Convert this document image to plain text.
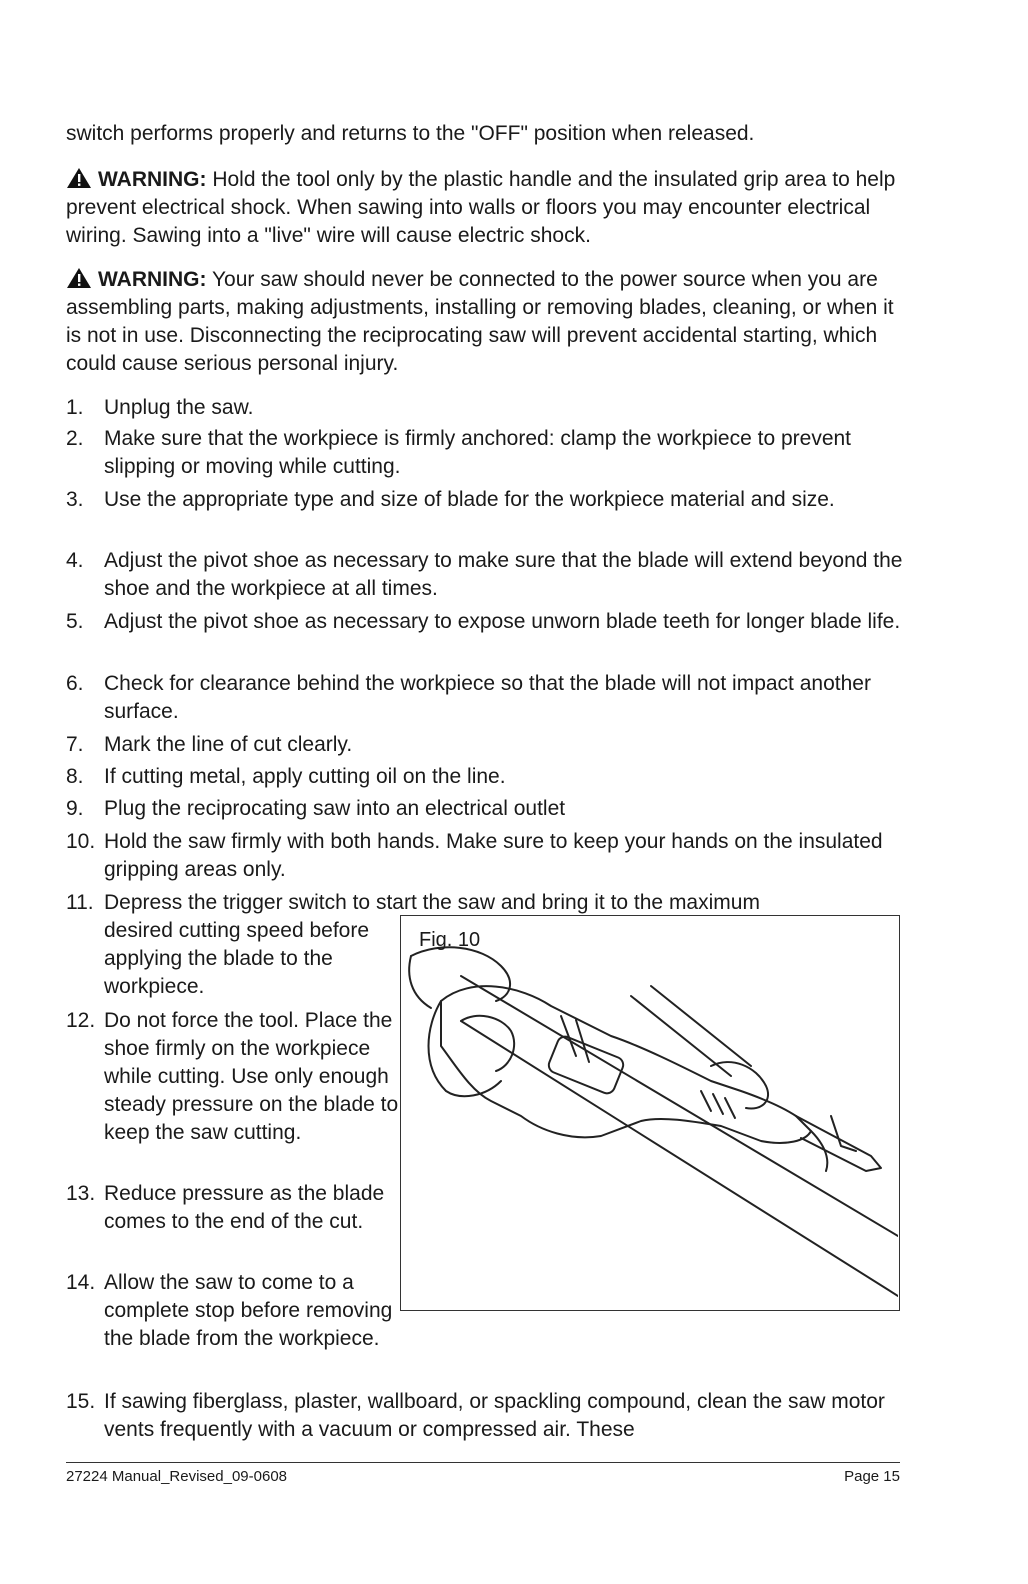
switch performs properly and returns to the "OFF" position when released.

WARNING: Hold the tool only by the plastic handle and the insulated grip area to help prevent electrical shock. When sawing into walls or floors you may encounter electrical wiring. Sawing into a "live" wire will cause electric shock.

WARNING: Your saw should never be connected to the power source when you are assembling parts, making adjustments, installing or removing blades, cleaning, or when it is not in use. Disconnecting the reciprocating saw will prevent accidental starting, which could cause serious personal injury.

1. Unplug the saw.
2. Make sure that the workpiece is firmly anchored: clamp the workpiece to prevent slipping or moving while cutting.
3. Use the appropriate type and size of blade for the workpiece material and size.
4. Adjust the pivot shoe as necessary to make sure that the blade will extend beyond the shoe and the workpiece at all times.
5. Adjust the pivot shoe as necessary to expose unworn blade teeth for longer blade life.
6. Check for clearance behind the workpiece so that the blade will not impact another surface.
7. Mark the line of cut clearly.
8. If cutting metal, apply cutting oil on the line.
9. Plug the reciprocating saw into an electrical outlet
10. Hold the saw firmly with both hands. Make sure to keep your hands on the insulated gripping areas only.
11. Depress the trigger switch to start the saw and bring it to the maximum
desired cutting speed before applying the blade to the workpiece.
12. Do not force the tool. Place the shoe firmly on the workpiece while cutting. Use only enough steady pressure on the blade to keep the saw cutting.
13. Reduce pressure as the blade comes to the end of the cut.
14. Allow the saw to come to a complete stop before removing the blade from the workpiece.
15. If sawing fiberglass, plaster, wallboard, or spackling compound, clean the saw motor vents frequently with a vacuum or compressed air. These
Fig. 10
27224 Manual_Revised_09-0608	Page 15
